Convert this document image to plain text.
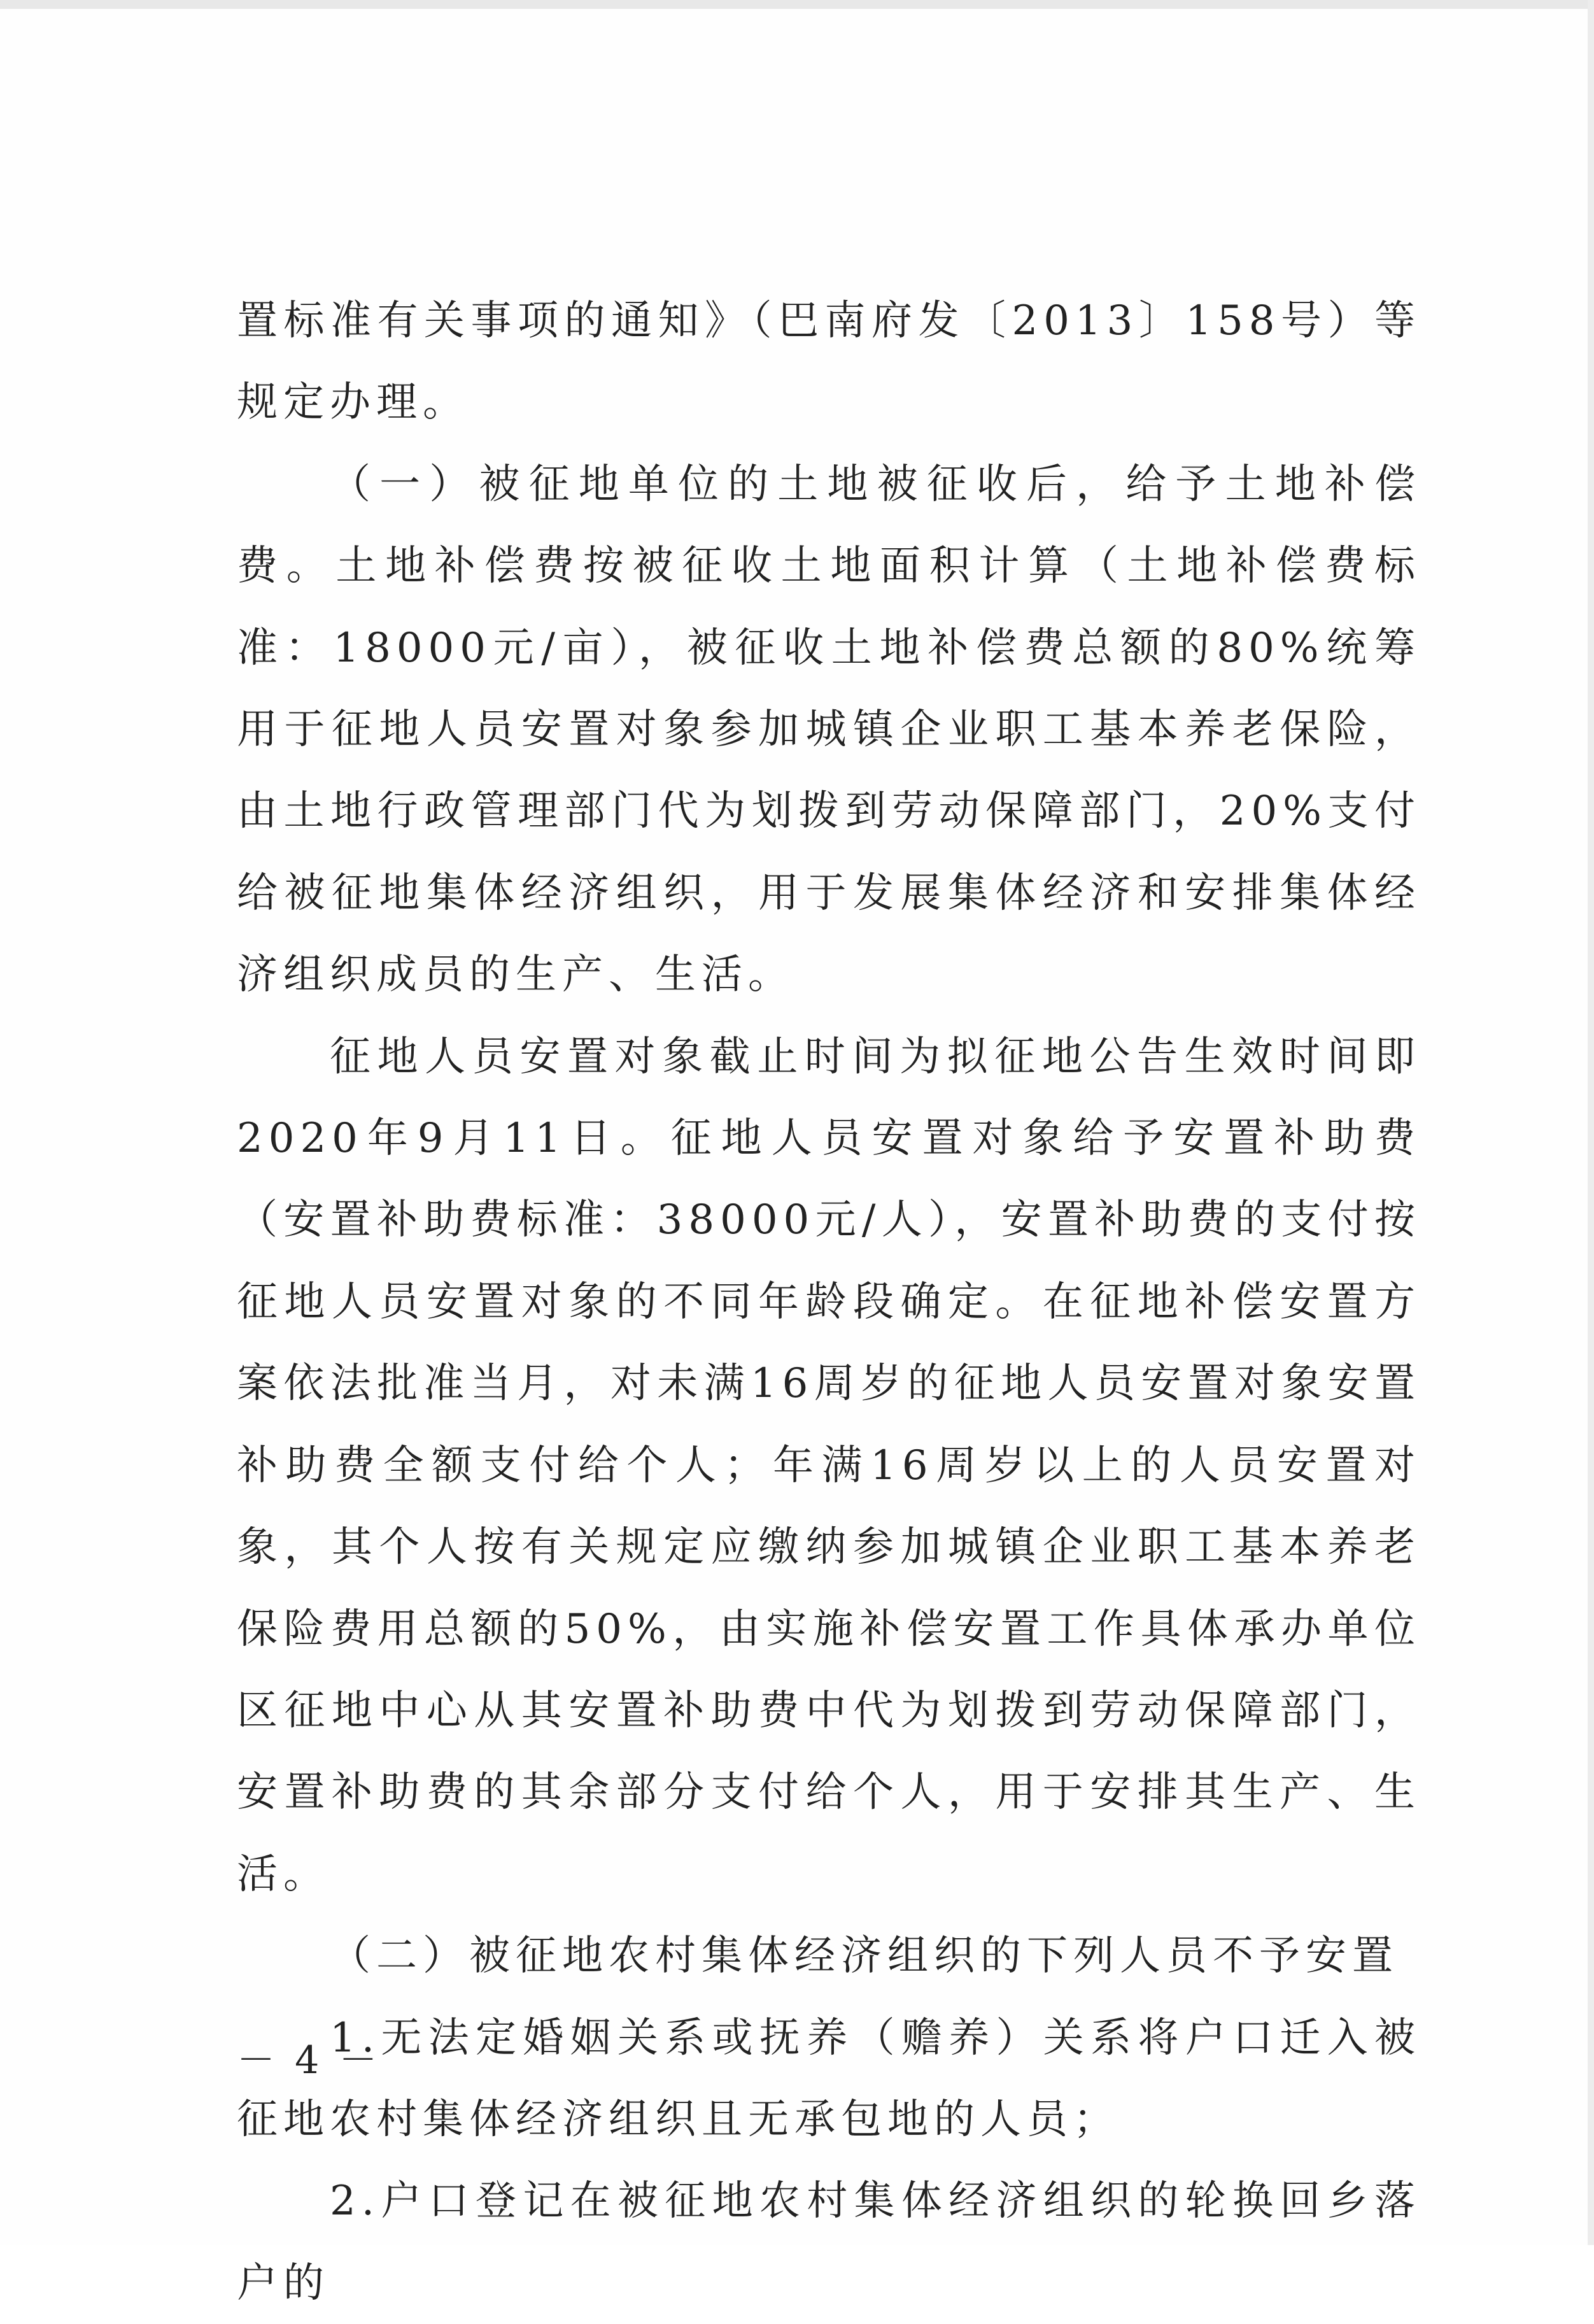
置标准有关事项的通知》（巴南府发〔2013〕158号）等规定办理。

（一）被征地单位的土地被征收后，给予土地补偿费。土地补偿费按被征收土地面积计算（土地补偿费标准：18000元/亩），被征收土地补偿费总额的80%统筹用于征地人员安置对象参加城镇企业职工基本养老保险，由土地行政管理部门代为划拨到劳动保障部门，20%支付给被征地集体经济组织，用于发展集体经济和安排集体经济组织成员的生产、生活。

征地人员安置对象截止时间为拟征地公告生效时间即2020年9月11日。征地人员安置对象给予安置补助费（安置补助费标准：38000元/人），安置补助费的支付按征地人员安置对象的不同年龄段确定。在征地补偿安置方案依法批准当月，对未满16周岁的征地人员安置对象安置补助费全额支付给个人；年满16周岁以上的人员安置对象，其个人按有关规定应缴纳参加城镇企业职工基本养老保险费用总额的50%，由实施补偿安置工作具体承办单位区征地中心从其安置补助费中代为划拨到劳动保障部门，安置补助费的其余部分支付给个人，用于安排其生产、生活。

（二）被征地农村集体经济组织的下列人员不予安置

1.无法定婚姻关系或抚养（赡养）关系将户口迁入被征地农村集体经济组织且无承包地的人员；

2.户口登记在被征地农村集体经济组织的轮换回乡落户的

－ 4 －
